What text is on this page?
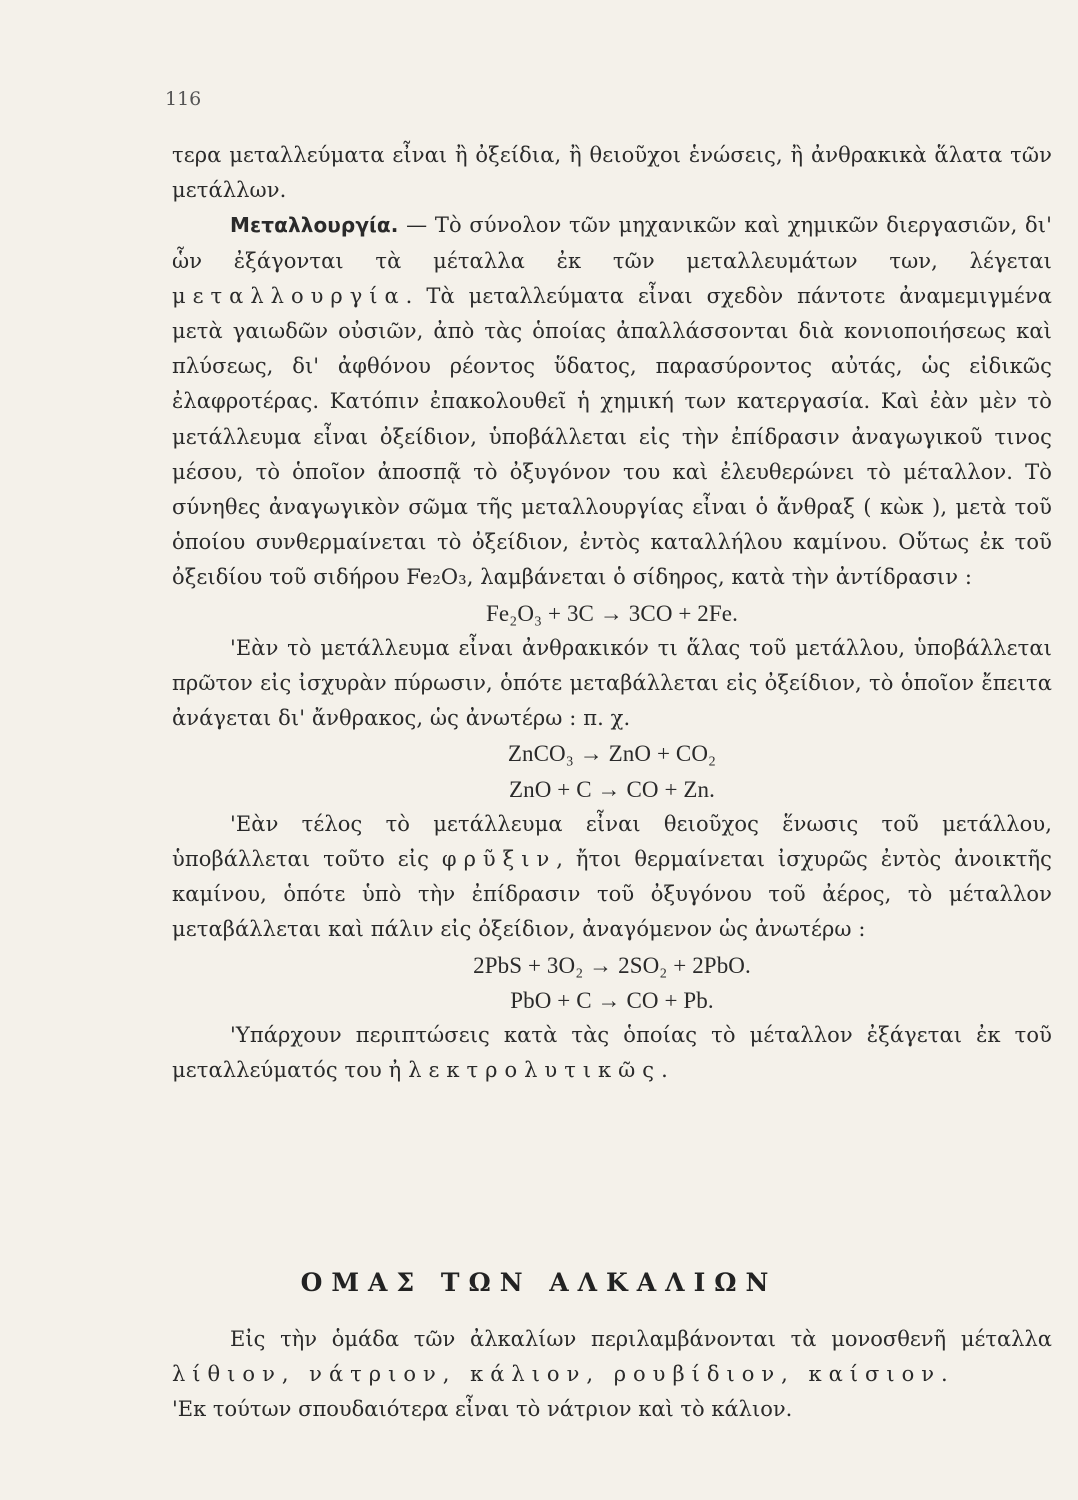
116

τερα μεταλλεύματα εἶναι ἢ ὀξείδια, ἢ θειοῦχοι ἑνώσεις, ἢ ἀνθρακικὰ ἅλατα τῶν μετάλλων.

Μεταλλουργία. — Τὸ σύνολον τῶν μηχανικῶν καὶ χημικῶν διεργασιῶν, δι' ὧν ἐξάγονται τὰ μέταλλα ἐκ τῶν μεταλλευμάτων των, λέγεται μεταλλουργία. Τὰ μεταλλεύματα εἶναι σχεδὸν πάντοτε ἀναμεμιγμένα μετὰ γαιωδῶν οὐσιῶν, ἀπὸ τὰς ὁποίας ἀπαλλάσσονται διὰ κονιοποιήσεως καὶ πλύσεως, δι' ἀφθόνου ρέοντος ὕδατος, παρασύροντος αὐτάς, ὡς εἰδικῶς ἐλαφροτέρας. Κατόπιν ἐπακολουθεῖ ἡ χημική των κατεργασία. Καὶ ἐὰν μὲν τὸ μετάλλευμα εἶναι ὀξείδιον, ὑποβάλλεται εἰς τὴν ἐπίδρασιν ἀναγωγικοῦ τινος μέσου, τὸ ὁποῖον ἀποσπᾷ τὸ ὀξυγόνον του καὶ ἐλευθερώνει τὸ μέταλλον. Τὸ σύνηθες ἀναγωγικὸν σῶμα τῆς μεταλλουργίας εἶναι ὁ ἄνθραξ ( κὼκ ), μετὰ τοῦ ὁποίου συνθερμαίνεται τὸ ὀξείδιον, ἐντὸς καταλλήλου καμίνου. Οὕτως ἐκ τοῦ ὀξειδίου τοῦ σιδήρου Fe₂O₃, λαμβάνεται ὁ σίδηρος, κατὰ τὴν ἀντίδρασιν :

Fe₂O₃ + 3C → 3CO + 2Fe.

'Εὰν τὸ μετάλλευμα εἶναι ἀνθρακικόν τι ἅλας τοῦ μετάλλου, ὑποβάλλεται πρῶτον εἰς ἰσχυρὰν πύρωσιν, ὁπότε μεταβάλλεται εἰς ὀξείδιον, τὸ ὁποῖον ἔπειτα ἀνάγεται δι' ἄνθρακος, ὡς ἀνωτέρω : π. χ.

ZnCO₃ → ZnO + CO₂

ZnO + C → CO + Zn.

'Εὰν τέλος τὸ μετάλλευμα εἶναι θειοῦχος ἕνωσις τοῦ μετάλλου, ὑποβάλλεται τοῦτο εἰς φρῦξιν, ἤτοι θερμαίνεται ἰσχυρῶς ἐντὸς ἀνοικτῆς καμίνου, ὁπότε ὑπὸ τὴν ἐπίδρασιν τοῦ ὀξυγόνου τοῦ ἀέρος, τὸ μέταλλον μεταβάλλεται καὶ πάλιν εἰς ὀξείδιον, ἀναγόμενον ὡς ἀνωτέρω :

2PbS + 3O₂ → 2SO₂ + 2PbO.

PbO + C → CO + Pb.

'Υπάρχουν περιπτώσεις κατὰ τὰς ὁποίας τὸ μέταλλον ἐξάγεται ἐκ τοῦ μεταλλεύματός του ἠλεκτρολυτικῶς.

ΟΜΑΣ ΤΩΝ ΑΛΚΑΛΙΩΝ

Εἰς τὴν ὁμάδα τῶν ἀλκαλίων περιλαμβάνονται τὰ μονοσθενῆ μέταλλα λίθιον, νάτριον, κάλιον, ρουβίδιον, καίσιον.

'Εκ τούτων σπουδαιότερα εἶναι τὸ νάτριον καὶ τὸ κάλιον.
